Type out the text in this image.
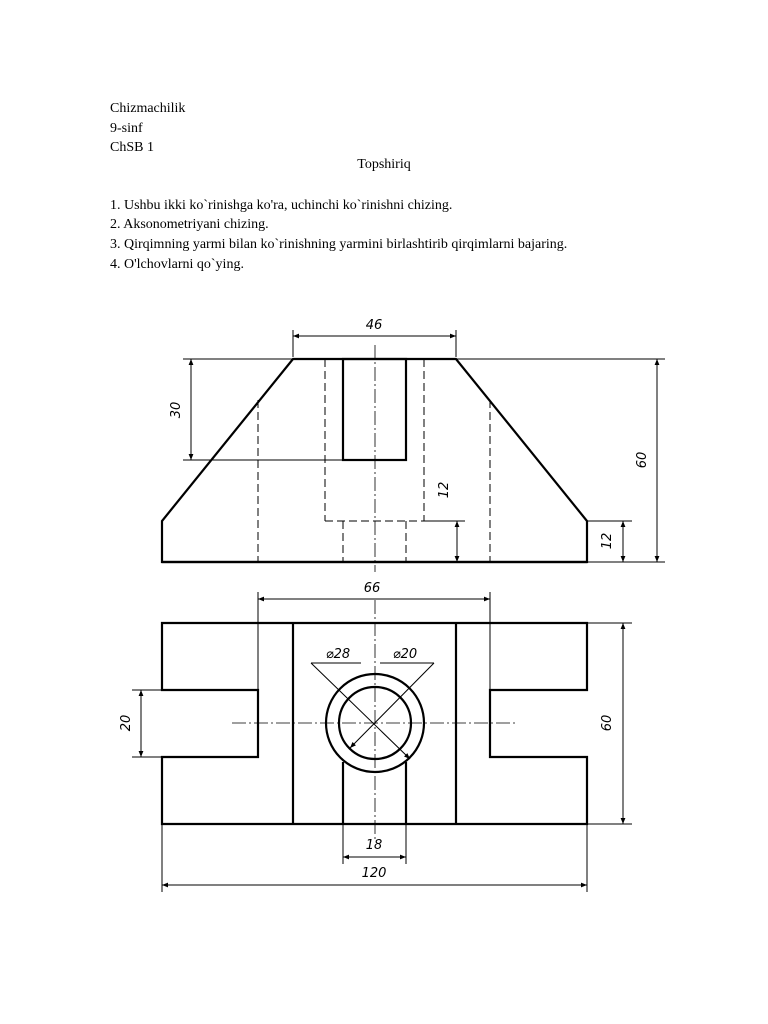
Chizmachilik
9-sinf
ChSB 1
Topshiriq
1. Ushbu ikki ko`rinishga ko'ra, uchinchi ko`rinishni chizing.
2. Aksonometriyani chizing.
3. Qirqimning yarmi bilan ko`rinishning yarmini birlashtirib qirqimlarni bajaring.
4. O'lchovlarni qo`ying.
46
30
60
12
12
66
⌀28	⌀20
20	60
18
120
